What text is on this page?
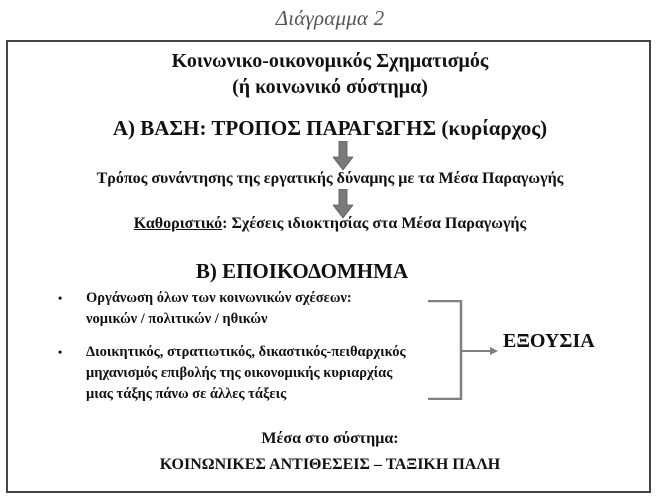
Διάγραμμα 2
Κοινωνικο-οικονομικός Σχηματισμός
(ή κοινωνικό σύστημα)
Α) ΒΑΣΗ: ΤΡΟΠΟΣ ΠΑΡΑΓΩΓΗΣ (κυρίαρχος)
Τρόπος συνάντησης της εργατικής δύναμης με τα Μέσα Παραγωγής
Καθοριστικό: Σχέσεις ιδιοκτησίας στα Μέσα Παραγωγής
Β) ΕΠΟΙΚΟΔΟΜΗΜΑ
• Οργάνωση όλων των κοινωνικών σχέσεων:
νομικών / πολιτικών / ηθικών
• Διοικητικός, στρατιωτικός, δικαστικός-πειθαρχικός
μηχανισμός επιβολής της οικονομικής κυριαρχίας
μιας τάξης πάνω σε άλλες τάξεις
ΕΞΟΥΣΙΑ
Μέσα στο σύστημα:
ΚΟΙΝΩΝΙΚΕΣ ΑΝΤΙΘΕΣΕΙΣ – ΤΑΞΙΚΗ ΠΑΛΗ
